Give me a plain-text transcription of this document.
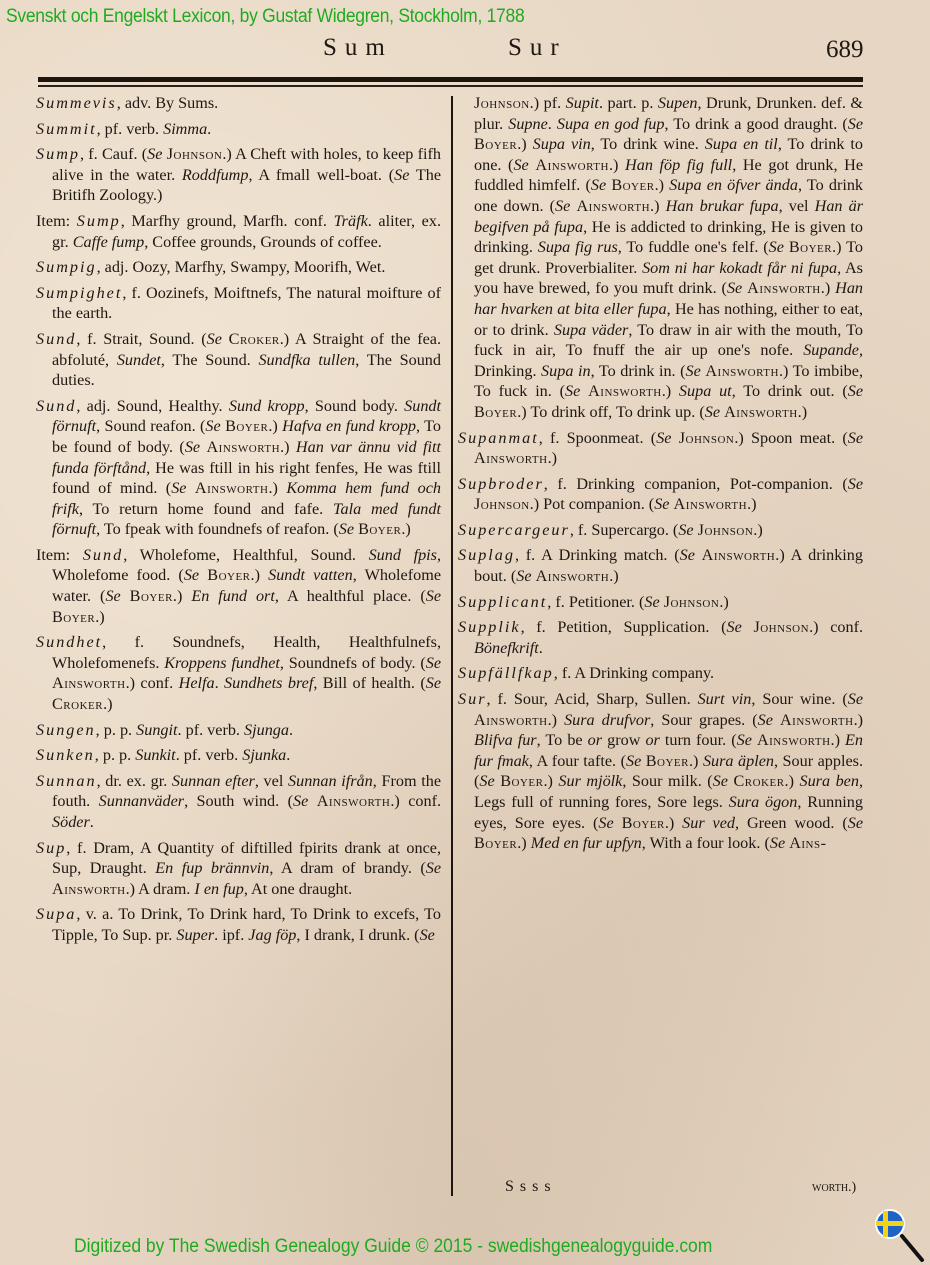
Svenskt och Engelskt Lexicon, by Gustaf Widegren, Stockholm, 1788
Sum	Sur	689

Summevis, adv. By Sums.

Summit, pf. verb. Simma.

Sump, f. Cauf. (Se Johnson.) A Cheft with holes, to keep fifh alive in the water. Roddfump, A fmall well-boat. (Se The Britifh Zoology.)

Item: Sump, Marfhy ground, Marfh. conf. Träfk. aliter, ex. gr. Caffe fump, Coffee grounds, Grounds of coffee.

Sumpig, adj. Oozy, Marfhy, Swampy, Moorifh, Wet.

Sumpighet, f. Oozinefs, Moiftnefs, The natural moifture of the earth.

Sund, f. Strait, Sound. (Se Croker.) A Straight of the fea. abfoluté, Sundet, The Sound. Sundfka tullen, The Sound duties.

Sund, adj. Sound, Healthy. Sund kropp, Sound body. Sundt förnuft, Sound reafon. (Se Boyer.) Hafva en fund kropp, To be found of body. (Se Ainsworth.) Han var ännu vid fitt funda förftånd, He was ftill in his right fenfes, He was ftill found of mind. (Se Ainsworth.) Komma hem fund och frifk, To return home found and fafe. Tala med fundt förnuft, To fpeak with foundnefs of reafon. (Se Boyer.)

Item: Sund, Wholefome, Healthful, Sound. Sund fpis, Wholefome food. (Se Boyer.) Sundt vatten, Wholefome water. (Se Boyer.) En fund ort, A healthful place. (Se Boyer.)

Sundhet, f. Soundnefs, Health, Healthfulnefs, Wholefomenefs. Kroppens fundhet, Soundnefs of body. (Se Ainsworth.) conf. Helfa. Sundhets bref, Bill of health. (Se Croker.)

Sungen, p. p. Sungit. pf. verb. Sjunga.

Sunken, p. p. Sunkit. pf. verb. Sjunka.

Sunnan, dr. ex. gr. Sunnan efter, vel Sunnan ifrån, From the fouth. Sunnanväder, South wind. (Se Ainsworth.) conf. Söder.

Sup, f. Dram, A Quantity of diftilled fpirits drank at once, Sup, Draught. En fup brännvin, A dram of brandy. (Se Ainsworth.) A dram. I en fup, At one draught.

Supa, v. a. To Drink, To Drink hard, To Drink to excefs, To Tipple, To Sup. pr. Super. ipf. Jag föp, I drank, I drunk. (Se

Johnson.) pf. Supit. part. p. Supen, Drunk, Drunken. def. & plur. Supne. Supa en god fup, To drink a good draught. (Se Boyer.) Supa vin, To drink wine. Supa en til, To drink to one. (Se Ainsworth.) Han föp fig full, He got drunk, He fuddled himfelf. (Se Boyer.) Supa en öfver ända, To drink one down. (Se Ainsworth.) Han brukar fupa, vel Han är begifven på fupa, He is addicted to drinking, He is given to drinking. Supa fig rus, To fuddle one's felf. (Se Boyer.) To get drunk. Proverbialiter. Som ni har kokadt får ni fupa, As you have brewed, fo you muft drink. (Se Ainsworth.) Han har hvarken at bita eller fupa, He has nothing, either to eat, or to drink. Supa väder, To draw in air with the mouth, To fuck in air, To fnuff the air up one's nofe. Supande, Drinking. Supa in, To drink in. (Se Ainsworth.) To imbibe, To fuck in. (Se Ainsworth.) Supa ut, To drink out. (Se Boyer.) To drink off, To drink up. (Se Ainsworth.)

Supanmat, f. Spoonmeat. (Se Johnson.) Spoon meat. (Se Ainsworth.)

Supbroder, f. Drinking companion, Pot-companion. (Se Johnson.) Pot companion. (Se Ainsworth.)

Supercargeur, f. Supercargo. (Se Johnson.)

Suplag, f. A Drinking match. (Se Ainsworth.) A drinking bout. (Se Ainsworth.)

Supplicant, f. Petitioner. (Se Johnson.)

Supplik, f. Petition, Supplication. (Se Johnson.) conf. Bönefkrift.

Supfällfkap, f. A Drinking company.

Sur, f. Sour, Acid, Sharp, Sullen. Surt vin, Sour wine. (Se Ainsworth.) Sura drufvor, Sour grapes. (Se Ainsworth.) Blifva fur, To be or grow or turn four. (Se Ainsworth.) En fur fmak, A four tafte. (Se Boyer.) Sura äplen, Sour apples. (Se Boyer.) Sur mjölk, Sour milk. (Se Croker.) Sura ben, Legs full of running fores, Sore legs. Sura ögon, Running eyes, Sore eyes. (Se Boyer.) Sur ved, Green wood. (Se Boyer.) Med en fur upfyn, With a four look. (Se Ains-

Ssss	worth.)
Digitized by The Swedish Genealogy Guide © 2015 - swedishgenealogyguide.com
